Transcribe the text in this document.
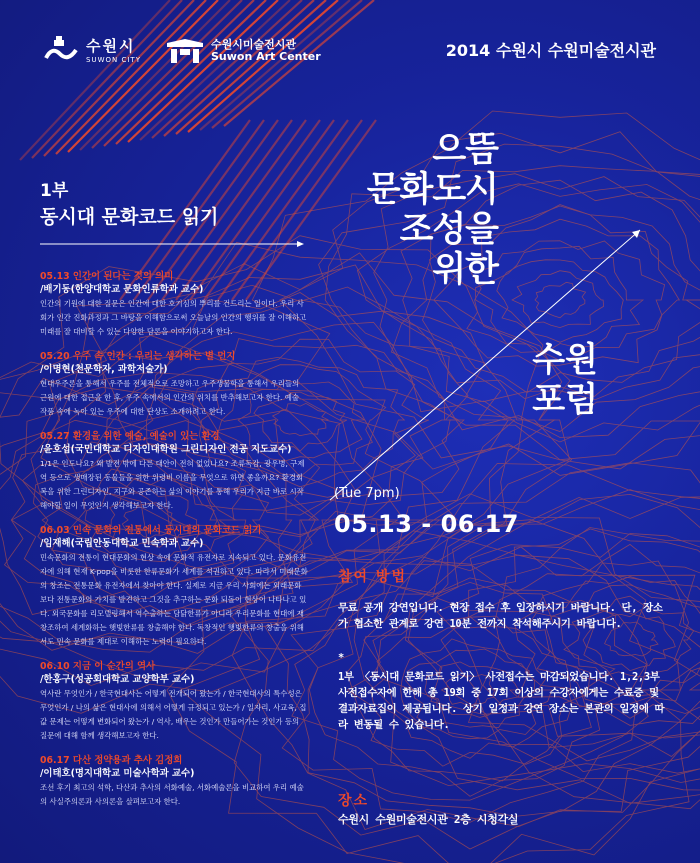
수원시
SUWON CITY
수원시미술전시관
Suwon Art Center	2014 수원시 수원미술전시관
1부
동시대 문화코드 읽기
05.13 인간이 된다는 것의 의미
/배기동(한양대학교 문화인류학과 교수)
인간의 기원에 대한 질문은 인간에 대한 호기심의 뿌리를 건드리는 일이다. 우리 사회가 인간 진화과정과 그 바탕을 이해함으로써 오늘날의 인간의 행위를 잘 이해하고 미래를 잘 대비할 수 있는 다양한 담론을 이야기하고자 한다.
05.20 우주 속 인간 : 우리는 생각하는 별 먼지
/이명현(천문학자, 과학저술가)
현대우주론을 통해서 우주를 전체적으로 조망하고 우주생물학을 통해서 우리들의 근원에 대한 접근을 한 후, 우주 속에서의 인간의 위치를 반추해보고자 한다. 예술 작품 속에 녹아 있는 우주에 대한 단상도 소개하려고 한다.
05.27 환경을 위한 예술, 예술이 있는 환경
/윤호섭(국민대학교 디자인대학원 그린디자인 전공 지도교수)
1/1은 인도나요? 왜 발전 밖에 다른 대안이 전혀 없었나요? 조류독감, 광우병, 구제역 등으로 생매장된 동물들을 위한 위령비 이름을 무엇으로 하면 좋을까요? 환경회복을 위한 그린디자인, 지구와 공존하는 삶의 이야기를 통해 우리가 지금 바로 시작해야할 일이 무엇인지 생각해보고자 한다.
06.03 민속 문화의 전통에서 동시대의 문화코드 읽기
/임재해(국립안동대학교 민속학과 교수)
민속문화의 전통이 현대문화의 현상 속에 문화적 유전자로 지속되고 있다. 문화유전자에 의해 현재 K-pop을 비롯한 한류문화가 세계를 석권하고 있다. 따라서 미래문화의 창조는 전통문화 유전자에서 찾아야 한다. 실제로 지금 우리 사회에는 외래문화보다 전통문화의 가치를 발견하고 그것을 추구하는 문화 되돌이 현상이 나타나고 있다. 외국문화를 리모델링해서 역수출하는 담닭한류가 아니라 우리문화를 현대에 재창조하여 세계화하는 햇빛한류를 창출해야 한다. 독창적인 햇빛한류의 창출을 위해서도 민속 문화를 제대로 이해하는 노력이 필요하다.
06.10 지금 이 순간의 역사
/한홍구(성공회대학교 교양학부 교수)
역사란 무엇인가 / 한국현대사는 어떻게 전개되어 왔는가 / 한국현대사의 특수성은 무엇인가 / 나의 삶은 현대사에 의해서 어떻게 규정되고 있는가 / 일자리, 사교육, 집값 문제는 어떻게 변화되어 왔는가 / 역사, 배우는 것인가 만들어가는 것인가 등의 질문에 대해 함께 생각해보고자 한다.
06.17 다산 정약용과 추사 김정희
/이태호(명지대학교 미술사학과 교수)
조선 후기 최고의 석학, 다산과 추사의 서화예술, 서화예술론을 비교하여 우리 예술의 사실주의론과 사의론을 살펴보고자 한다.
으뜸
문화도시
조성을
위한
수원
포럼
(Tue 7pm)
05.13 - 06.17
참여 방법
무료 공개 강연입니다. 현장 접수 후 입장하시기 바랍니다. 단, 장소가 협소한 관계로 강연 10분 전까지 착석해주시기 바랍니다.
*
1부 〈동시대 문화코드 읽기〉 사전접수는 마감되었습니다. 1,2,3부 사전접수자에 한해 총 19회 중 17회 이상의 수강자에게는 수료증 및 결과자료집이 제공됩니다. 상기 일정과 강연 장소는 본관의 일정에 따라 변동될 수 있습니다.
장소
수원시 수원미술전시관 2층 시청각실
